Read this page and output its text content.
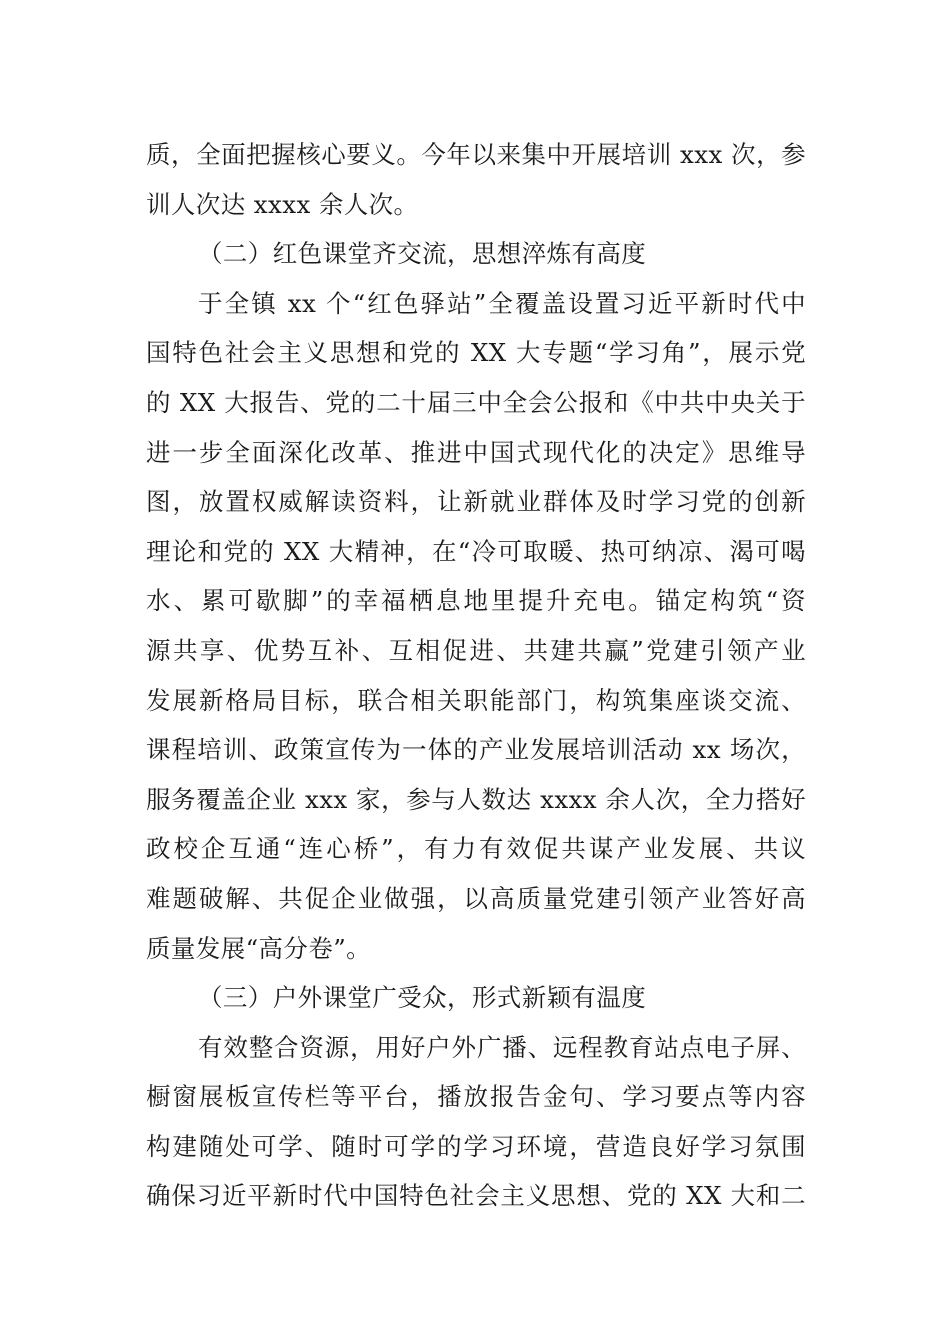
质，全面把握核心要义。今年以来集中开展培训 xxx 次，参
训人次达 xxxx 余人次。
（二）红色课堂齐交流，思想淬炼有高度
于全镇 xx 个“红色驿站”全覆盖设置习近平新时代中
国特色社会主义思想和党的 XX 大专题“学习角”，展示党
的 XX 大报告、党的二十届三中全会公报和《中共中央关于
进一步全面深化改革、推进中国式现代化的决定》思维导
图，放置权威解读资料，让新就业群体及时学习党的创新
理论和党的 XX 大精神，在“冷可取暖、热可纳凉、渴可喝
水、累可歇脚”的幸福栖息地里提升充电。锚定构筑“资
源共享、优势互补、互相促进、共建共赢”党建引领产业
发展新格局目标，联合相关职能部门，构筑集座谈交流、
课程培训、政策宣传为一体的产业发展培训活动 xx 场次，
服务覆盖企业 xxx 家，参与人数达 xxxx 余人次，全力搭好
政校企互通“连心桥”，有力有效促共谋产业发展、共议
难题破解、共促企业做强，以高质量党建引领产业答好高
质量发展“高分卷”。
（三）户外课堂广受众，形式新颖有温度
有效整合资源，用好户外广播、远程教育站点电子屏、
橱窗展板宣传栏等平台，播放报告金句、学习要点等内容
构建随处可学、随时可学的学习环境，营造良好学习氛围
确保习近平新时代中国特色社会主义思想、党的 XX 大和二
